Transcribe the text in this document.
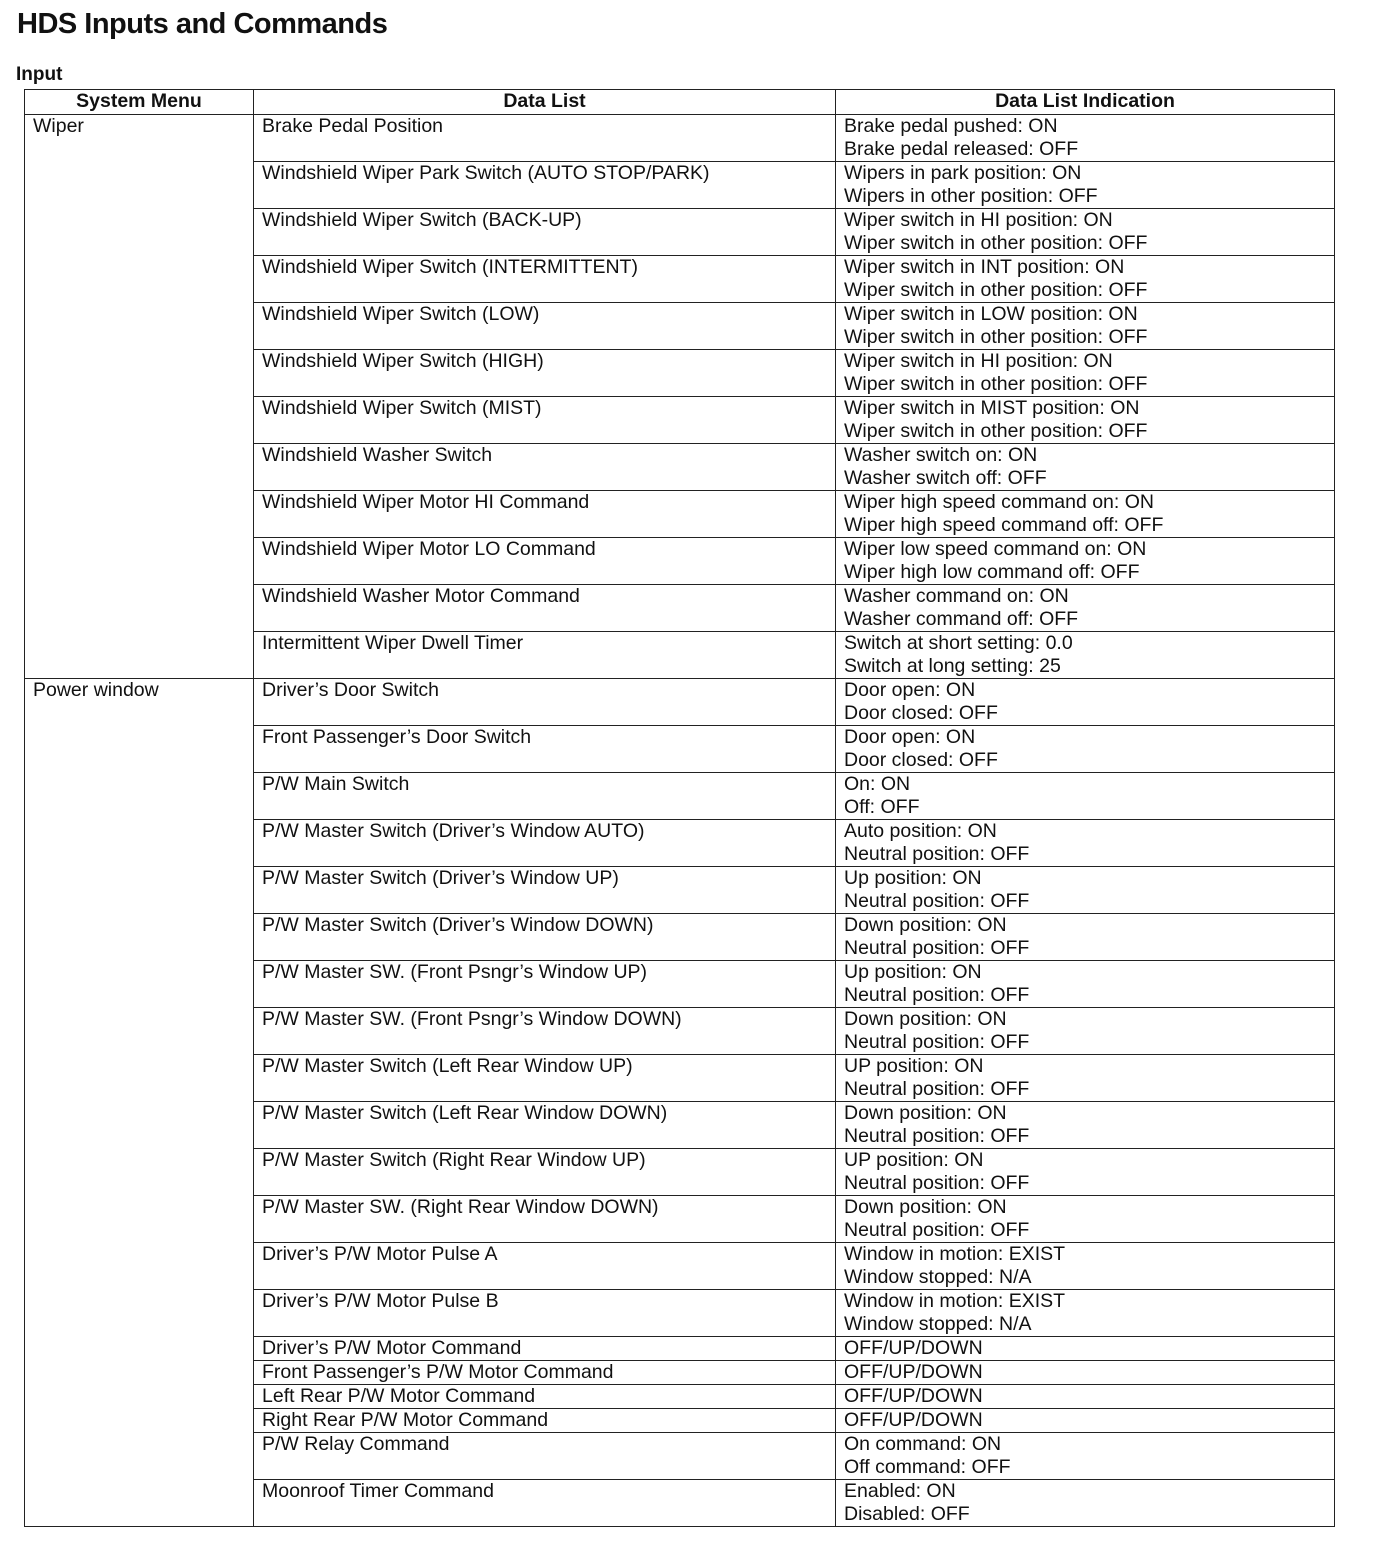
HDS Inputs and Commands
Input
System Menu	Data List	Data List Indication
Wiper	Brake Pedal Position	Brake pedal pushed: ON
Brake pedal released: OFF

	Windshield Wiper Park Switch (AUTO STOP/PARK)	Wipers in park position: ON
Wipers in other position: OFF

	Windshield Wiper Switch (BACK-UP)	Wiper switch in HI position: ON
Wiper switch in other position: OFF

	Windshield Wiper Switch (INTERMITTENT)	Wiper switch in INT position: ON
Wiper switch in other position: OFF

	Windshield Wiper Switch (LOW)	Wiper switch in LOW position: ON
Wiper switch in other position: OFF

	Windshield Wiper Switch (HIGH)	Wiper switch in HI position: ON
Wiper switch in other position: OFF

	Windshield Wiper Switch (MIST)	Wiper switch in MIST position: ON
Wiper switch in other position: OFF

	Windshield Washer Switch	Washer switch on: ON
Washer switch off: OFF

	Windshield Wiper Motor HI Command	Wiper high speed command on: ON
Wiper high speed command off: OFF

	Windshield Wiper Motor LO Command	Wiper low speed command on: ON
Wiper high low command off: OFF

	Windshield Washer Motor Command	Washer command on: ON
Washer command off: OFF

	Intermittent Wiper Dwell Timer	Switch at short setting: 0.0
Switch at long setting: 25

Power window	Driver’s Door Switch	Door open: ON
Door closed: OFF

	Front Passenger’s Door Switch	Door open: ON
Door closed: OFF

	P/W Main Switch	On: ON
Off: OFF

	P/W Master Switch (Driver’s Window AUTO)	Auto position: ON
Neutral position: OFF

	P/W Master Switch (Driver’s Window UP)	Up position: ON
Neutral position: OFF

	P/W Master Switch (Driver’s Window DOWN)	Down position: ON
Neutral position: OFF

	P/W Master SW. (Front Psngr’s Window UP)	Up position: ON
Neutral position: OFF

	P/W Master SW. (Front Psngr’s Window DOWN)	Down position: ON
Neutral position: OFF

	P/W Master Switch (Left Rear Window UP)	UP position: ON
Neutral position: OFF

	P/W Master Switch (Left Rear Window DOWN)	Down position: ON
Neutral position: OFF

	P/W Master Switch (Right Rear Window UP)	UP position: ON
Neutral position: OFF

	P/W Master SW. (Right Rear Window DOWN)	Down position: ON
Neutral position: OFF

	Driver’s P/W Motor Pulse A	Window in motion: EXIST
Window stopped: N/A

	Driver’s P/W Motor Pulse B	Window in motion: EXIST
Window stopped: N/A

	Driver’s P/W Motor Command	OFF/UP/DOWN

	Front Passenger’s P/W Motor Command	OFF/UP/DOWN

	Left Rear P/W Motor Command	OFF/UP/DOWN

	Right Rear P/W Motor Command	OFF/UP/DOWN

	P/W Relay Command	On command: ON
Off command: OFF

	Moonroof Timer Command	Enabled: ON
Disabled: OFF
